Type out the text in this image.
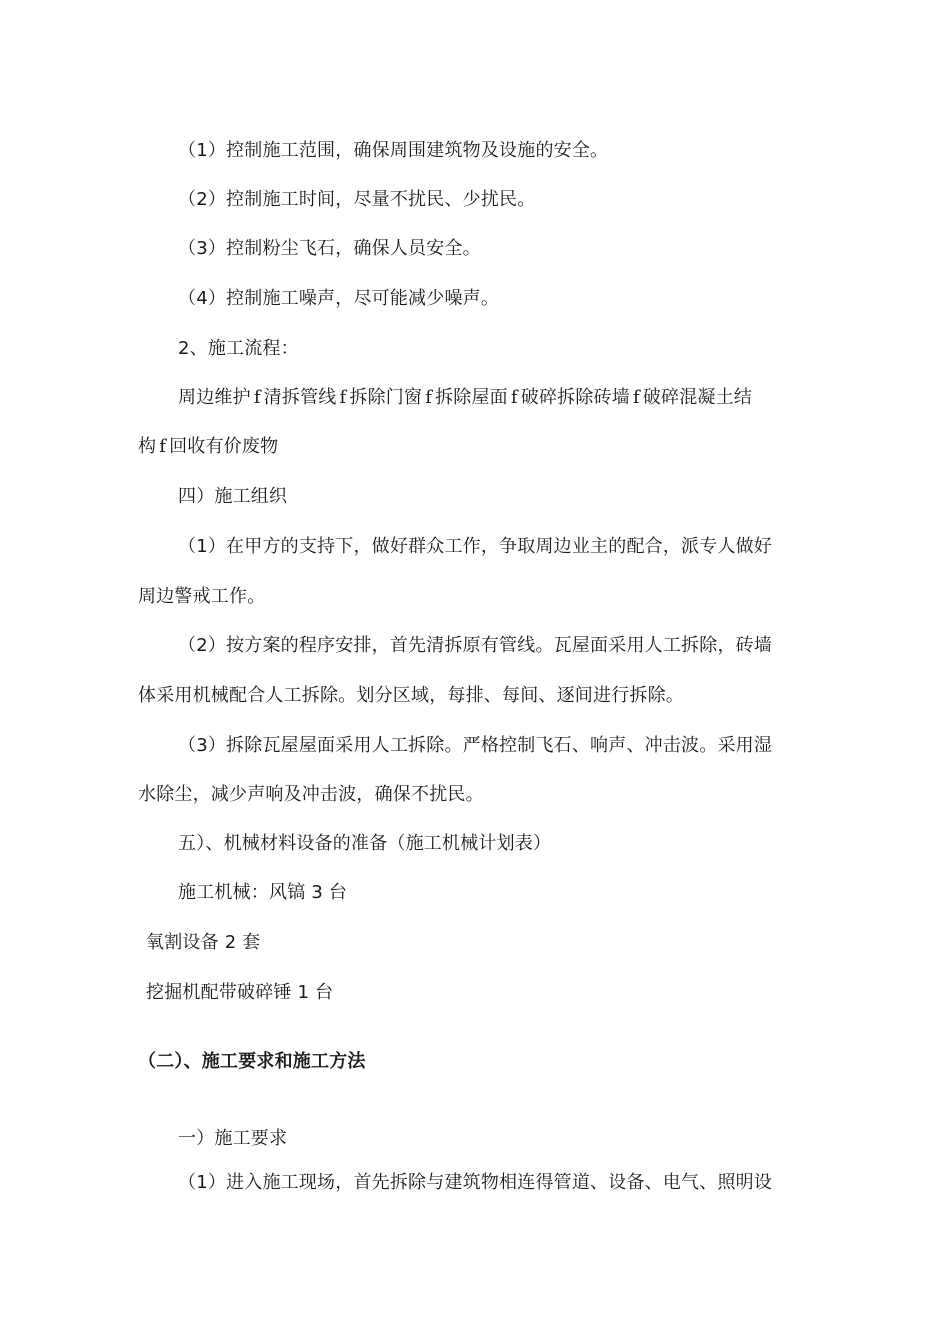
（1）控制施工范围，确保周围建筑物及设施的安全。
（2）控制施工时间，尽量不扰民、少扰民。
（3）控制粉尘飞石，确保人员安全。
（4）控制施工噪声，尽可能减少噪声。
2、施工流程：
周边维护 f 清拆管线 f 拆除门窗 f 拆除屋面 f 破碎拆除砖墙 f 破碎混凝土结
构 f 回收有价废物
四）施工组织
（1）在甲方的支持下，做好群众工作，争取周边业主的配合，派专人做好
周边警戒工作。
（2）按方案的程序安排，首先清拆原有管线。瓦屋面采用人工拆除，砖墙
体采用机械配合人工拆除。划分区域，每排、每间、逐间进行拆除。
（3）拆除瓦屋屋面采用人工拆除。严格控制飞石、响声、冲击波。采用湿
水除尘，减少声响及冲击波，确保不扰民。
五）、机械材料设备的准备（施工机械计划表）
施工机械：风镐 3 台
氧割设备 2 套
挖掘机配带破碎锤 1 台
（二）、施工要求和施工方法
一）施工要求
（1）进入施工现场，首先拆除与建筑物相连得管道、设备、电气、照明设
